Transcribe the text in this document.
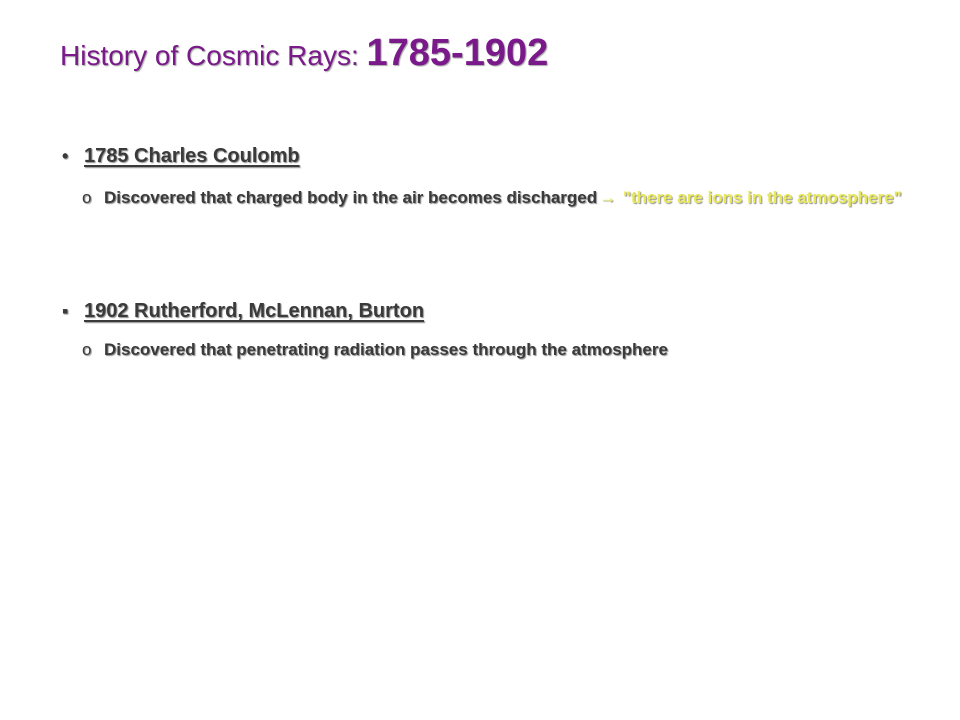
History of Cosmic Rays: 1785-1902
• 1785 Charles Coulomb
o Discovered that charged body in the air becomes discharged → "there are ions in the atmosphere"
▪ 1902 Rutherford, McLennan, Burton
o Discovered that penetrating radiation passes through the atmosphere
